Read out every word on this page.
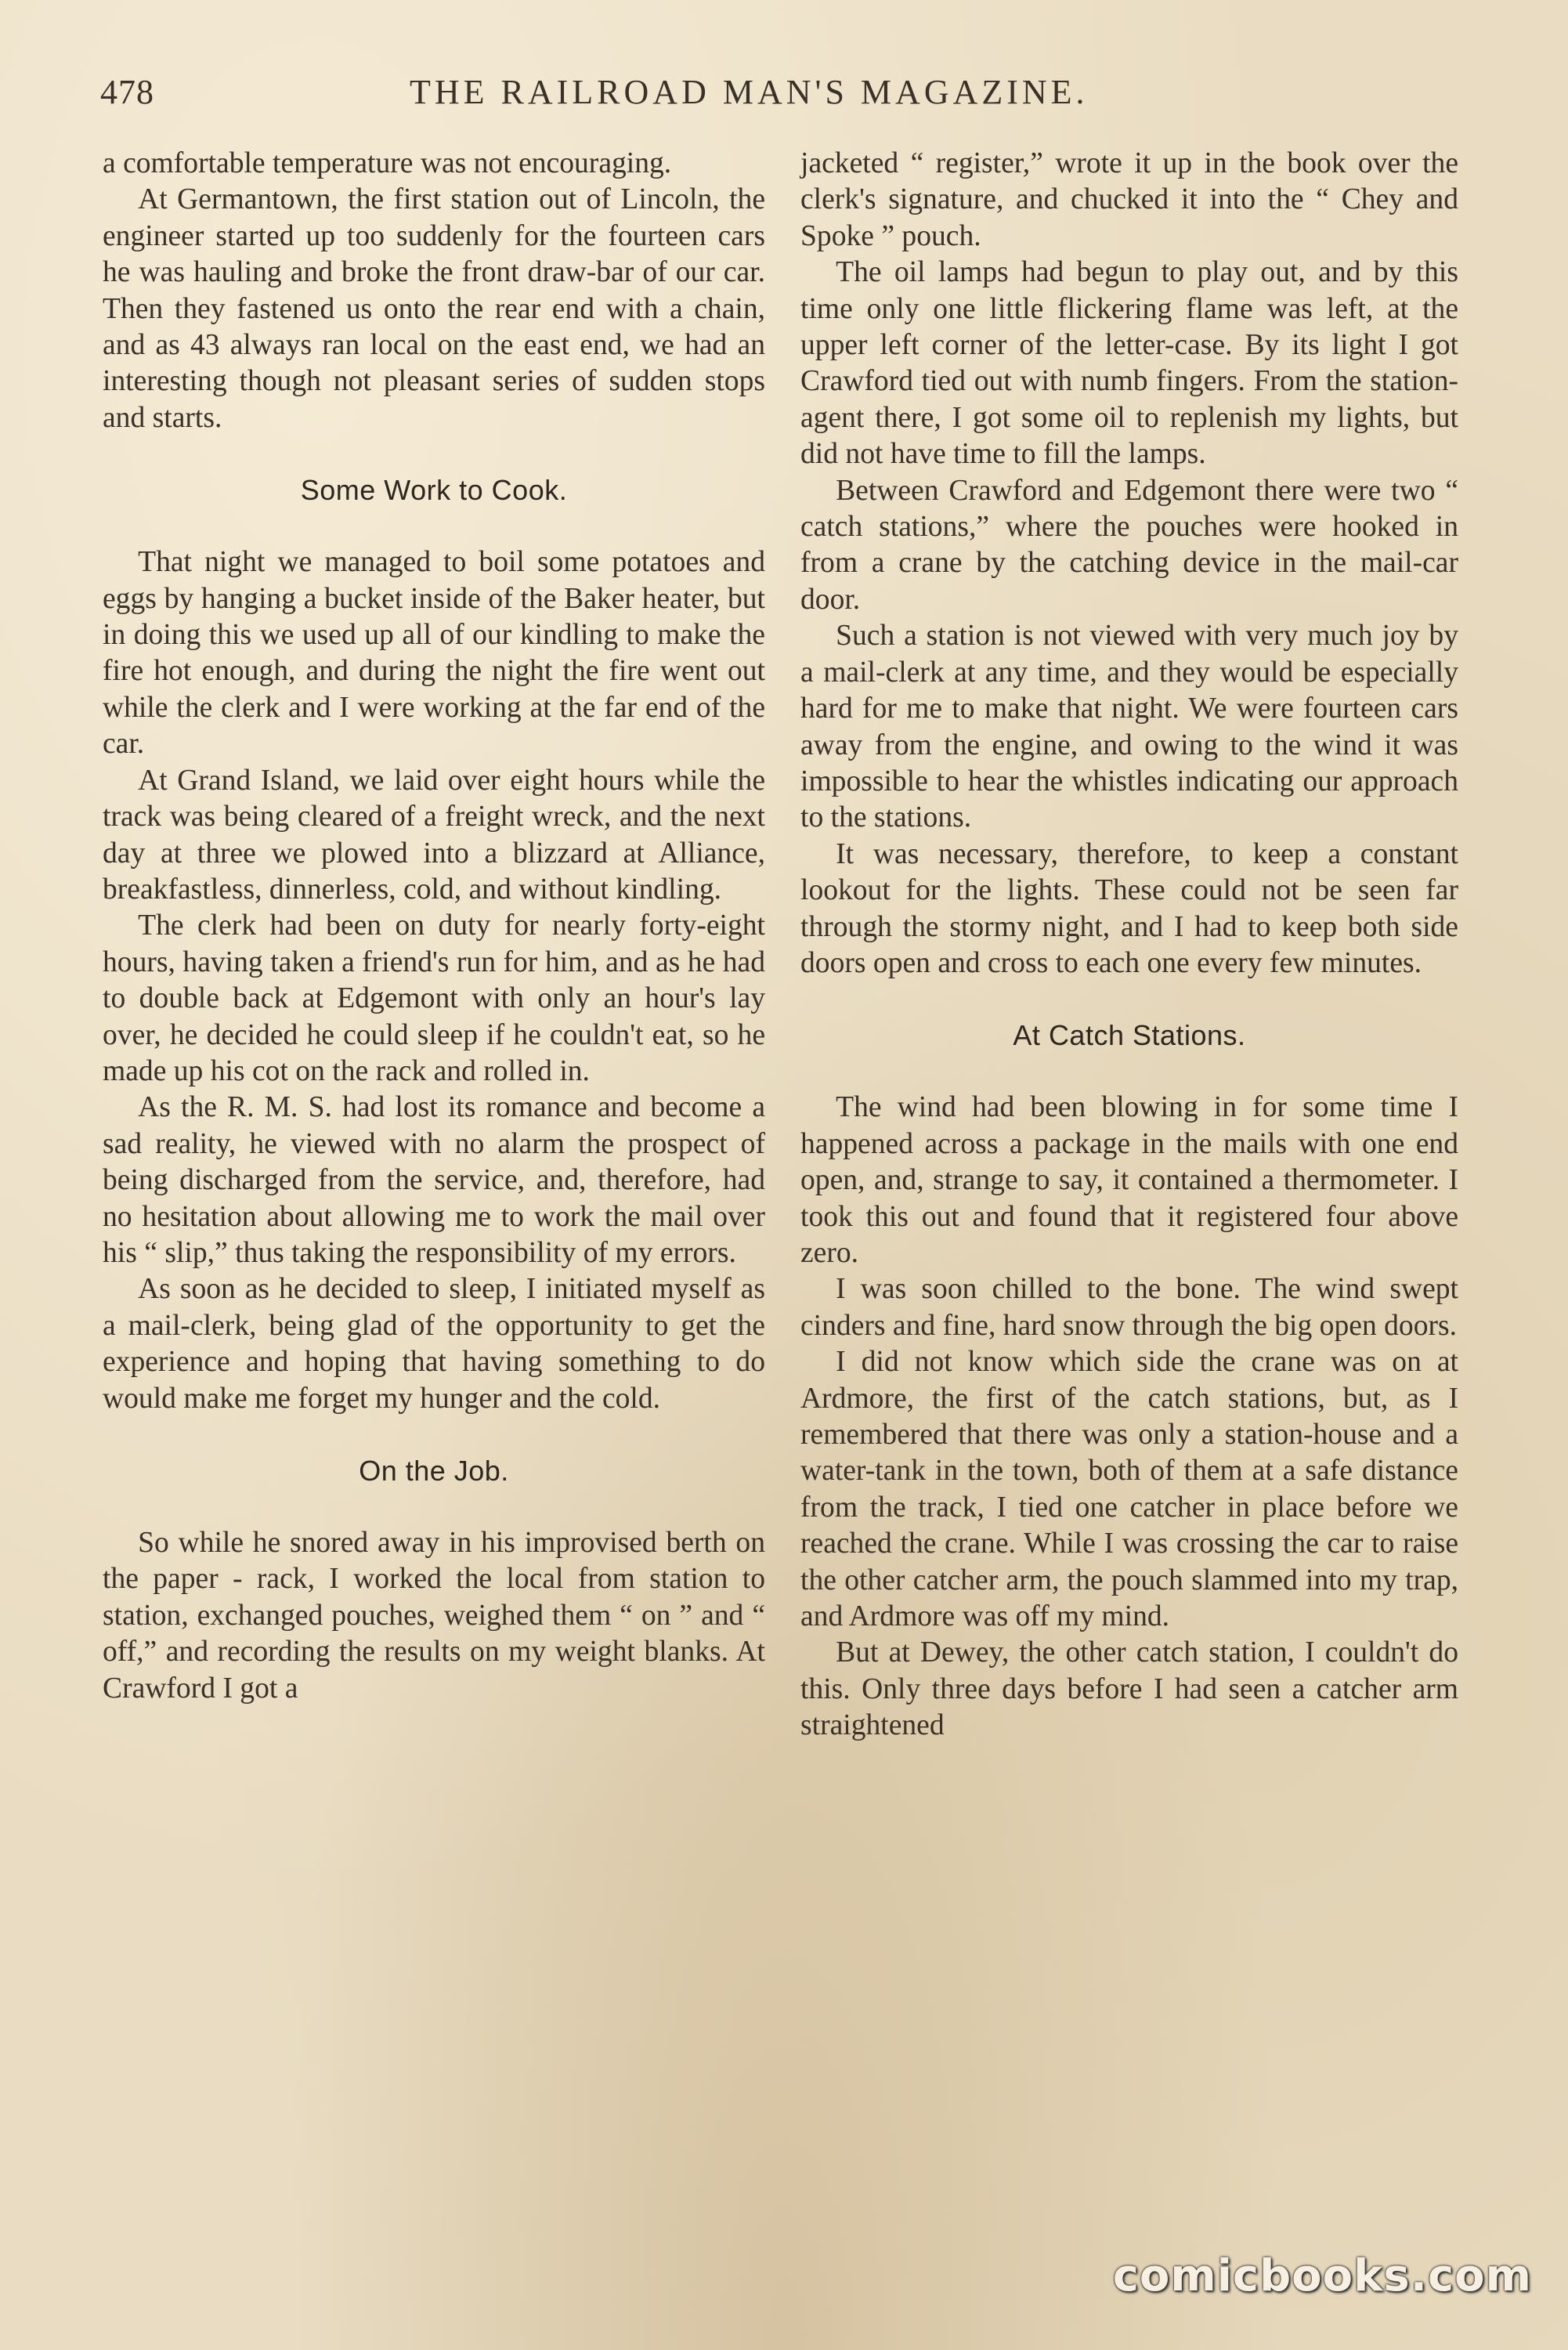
478	THE RAILROAD MAN'S MAGAZINE.

a comfortable temperature was not encouraging.

At Germantown, the first station out of Lincoln, the engineer started up too suddenly for the fourteen cars he was hauling and broke the front draw-bar of our car. Then they fastened us onto the rear end with a chain, and as 43 always ran local on the east end, we had an interesting though not pleasant series of sudden stops and starts.

Some Work to Cook.

That night we managed to boil some potatoes and eggs by hanging a bucket inside of the Baker heater, but in doing this we used up all of our kindling to make the fire hot enough, and during the night the fire went out while the clerk and I were working at the far end of the car.

At Grand Island, we laid over eight hours while the track was being cleared of a freight wreck, and the next day at three we plowed into a blizzard at Alliance, breakfastless, dinnerless, cold, and without kindling.

The clerk had been on duty for nearly forty-eight hours, having taken a friend's run for him, and as he had to double back at Edgemont with only an hour's lay over, he decided he could sleep if he couldn't eat, so he made up his cot on the rack and rolled in.

As the R. M. S. had lost its romance and become a sad reality, he viewed with no alarm the prospect of being discharged from the service, and, therefore, had no hesitation about allowing me to work the mail over his “ slip,” thus taking the responsibility of my errors.

As soon as he decided to sleep, I initiated myself as a mail-clerk, being glad of the opportunity to get the experience and hoping that having something to do would make me forget my hunger and the cold.

On the Job.

So while he snored away in his improvised berth on the paper - rack, I worked the local from station to station, exchanged pouches, weighed them “ on ” and “ off,” and recording the results on my weight blanks. At Crawford I got a

jacketed “ register,” wrote it up in the book over the clerk's signature, and chucked it into the “ Chey and Spoke ” pouch.

The oil lamps had begun to play out, and by this time only one little flickering flame was left, at the upper left corner of the letter-case. By its light I got Crawford tied out with numb fingers. From the station-agent there, I got some oil to replenish my lights, but did not have time to fill the lamps.

Between Crawford and Edgemont there were two “ catch stations,” where the pouches were hooked in from a crane by the catching device in the mail-car door.

Such a station is not viewed with very much joy by a mail-clerk at any time, and they would be especially hard for me to make that night. We were fourteen cars away from the engine, and owing to the wind it was impossible to hear the whistles indicating our approach to the stations.

It was necessary, therefore, to keep a constant lookout for the lights. These could not be seen far through the stormy night, and I had to keep both side doors open and cross to each one every few minutes.

At Catch Stations.

The wind had been blowing in for some time I happened across a package in the mails with one end open, and, strange to say, it contained a thermometer. I took this out and found that it registered four above zero.

I was soon chilled to the bone. The wind swept cinders and fine, hard snow through the big open doors.

I did not know which side the crane was on at Ardmore, the first of the catch stations, but, as I remembered that there was only a station-house and a water-tank in the town, both of them at a safe distance from the track, I tied one catcher in place before we reached the crane. While I was crossing the car to raise the other catcher arm, the pouch slammed into my trap, and Ardmore was off my mind.

But at Dewey, the other catch station, I couldn't do this. Only three days before I had seen a catcher arm straightened

comicbooks.com
